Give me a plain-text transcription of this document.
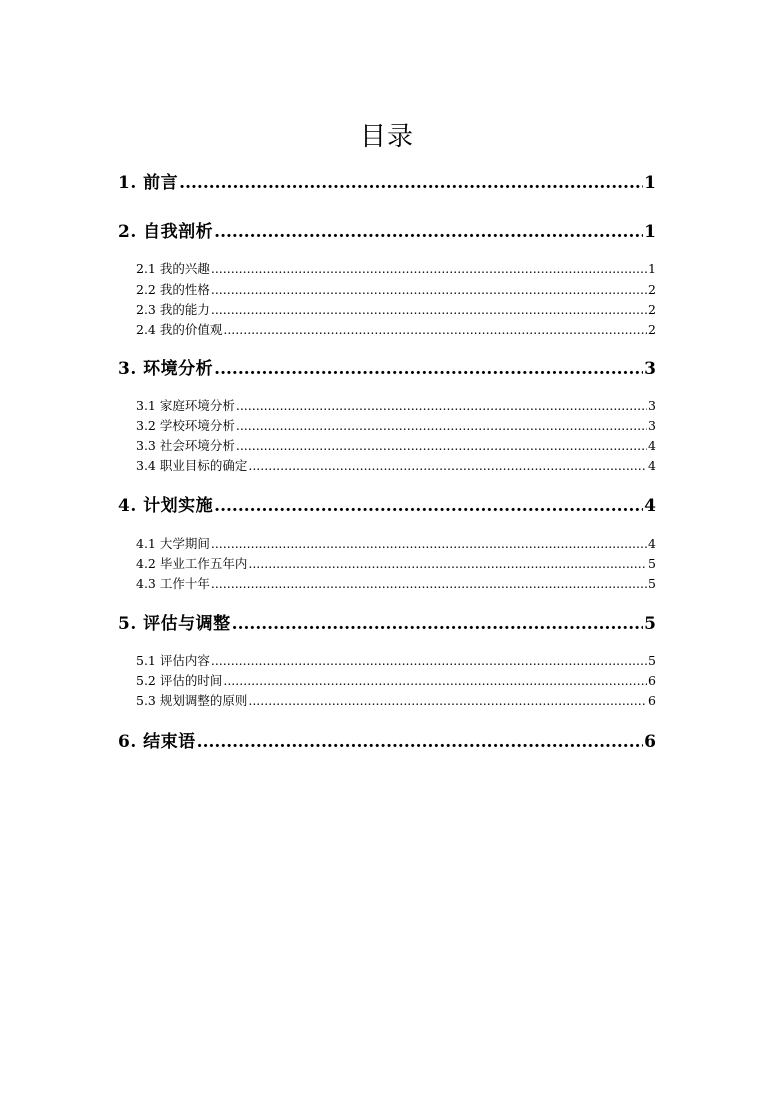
目录
1. 前言 .....	1
2. 自我剖析 .....	1
2.1 我的兴趣 .....	1
2.2 我的性格 .....	2
2.3 我的能力 .....	2
2.4 我的价值观 .....	2
3. 环境分析 .....	3
3.1 家庭环境分析 .....	3
3.2 学校环境分析 .....	3
3.3 社会环境分析 .....	4
3.4 职业目标的确定 .....	4
4. 计划实施 .....	4
4.1 大学期间 .....	4
4.2 毕业工作五年内 .....	5
4.3 工作十年 .....	5
5. 评估与调整 .....	5
5.1 评估内容 .....	5
5.2 评估的时间 .....	6
5.3 规划调整的原则 .....	6
6. 结束语 .....	6
